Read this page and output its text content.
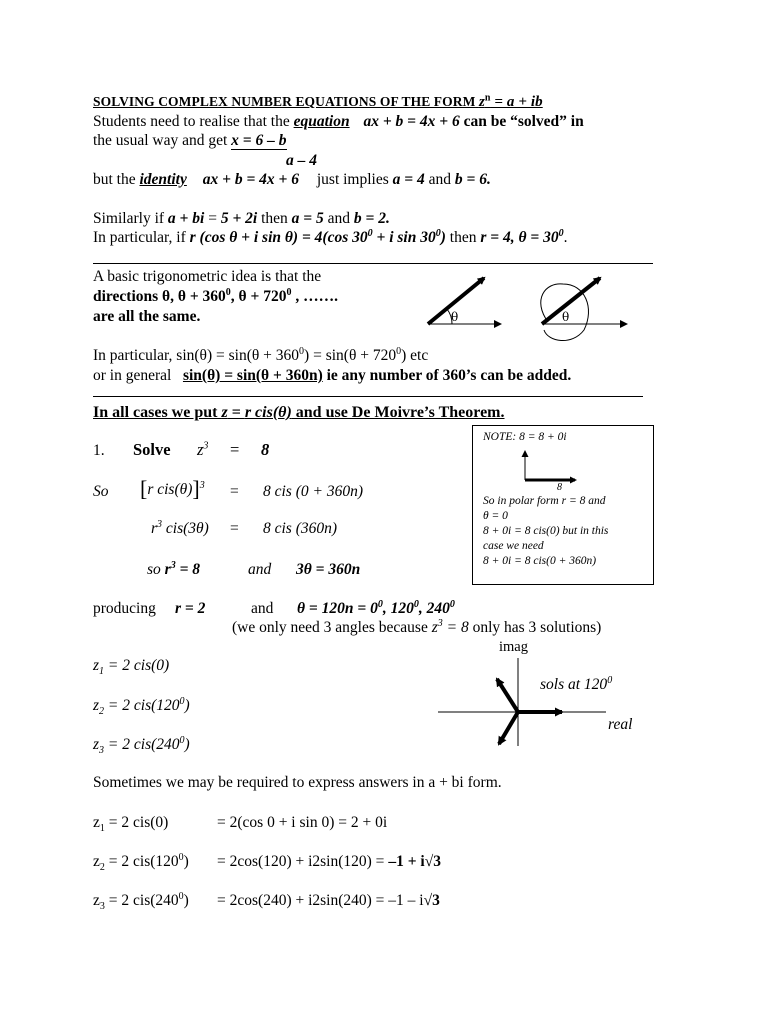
SOLVING COMPLEX NUMBER EQUATIONS OF THE FORM $z^n = a$ + ib
Students need to realise that the equation ax + b = 4x + 6 can be “solved” in
the usual way and get x = 6 – b
a – 4
but the identity ax + b = 4x + 6 just implies a = 4 and b = 6.
Similarly if a + bi = 5 + 2i then a = 5 and b = 2.
In particular, if r (cos θ + i sin θ) = 4(cos $30^0 + i$ $\sin 30^0$) then r = 4, $\theta = 30^0$.
A basic trigonometric idea is that the
directions θ, $\theta + 360^0$, $\theta + 720^0$ , …….
are all the same.	θ	θ
In particular, $\sin(\theta) = \sin(\theta + 360^0) = \sin(\theta + 720^0)$ etc
or in general   sin(θ) = sin(θ + 360n) ie any number of 360’s can be added.
In all cases we put z = r cis(θ) and use De Moivre’s Theorem.
1. Solve $z^3 = 8$
So [r cis(θ)]$^3$ = 8 cis (0 + 360n)
$r^3$ cis(3θ) = 8 cis (360n)
so $r^3 = 8$	and 3θ = 360n
producing r = 2	and $\theta = 120n = 0^0$, $120^0$, $240^0$
(we only need 3 angles because $z^3 = 8$ only has 3 solutions)
NOTE: 8 = 8 + 0i
8
So in polar form r = 8 and
θ = 0
8 + 0i = 8 cis(0) but in this
case we need
8 + 0i = 8 cis(0 + 360n)
imag
sols at $120^0$
real
$z_1 = 2$ cis(0)
$z_2 = 2$ $cis(120^0)$
$z_3 = 2$ $cis(240^0)$
Sometimes we may be required to express answers in a + bi form.
$z_1 = 2$ cis(0)	= 2(cos 0 + i sin 0) = 2 + 0i
$z_2 = 2$ $cis(120^0) = 2\cos(120) + i2\sin(120) = -1 + i√3$
$z_3 = 2$ $cis(240^0) = 2\cos(240) + i2\sin(240) = -1 - i√3$
